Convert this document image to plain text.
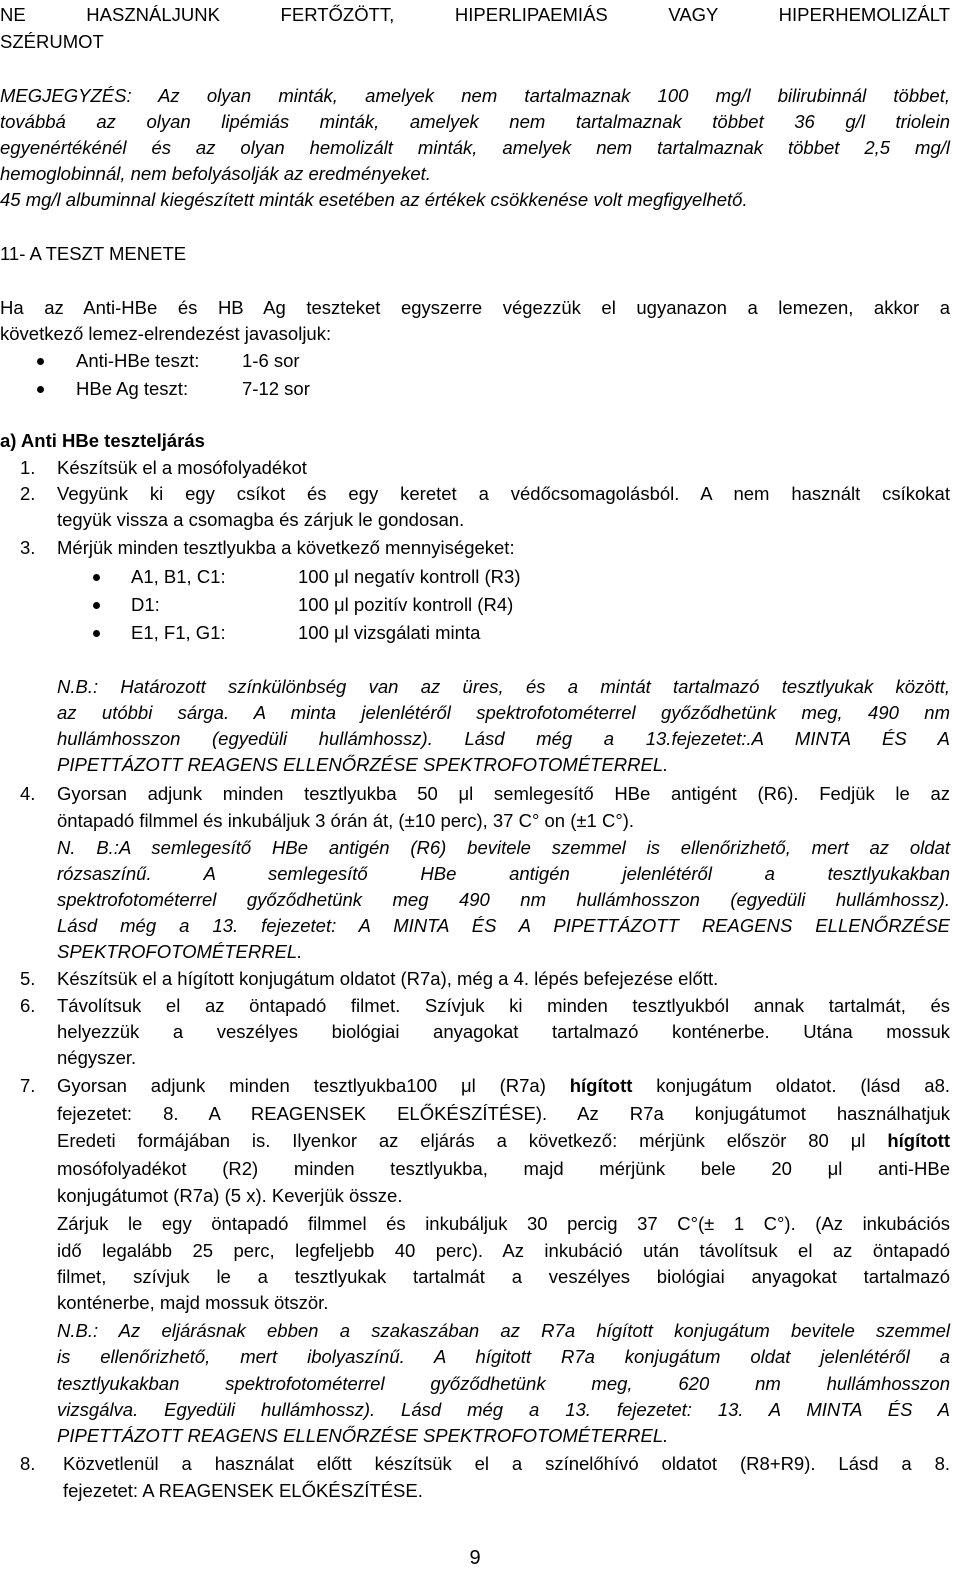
NE HASZNÁLJUNK FERTŐZÖTT, HIPERLIPAEMIÁS VAGY HIPERHEMOLIZÁLT
SZÉRUMOT
MEGJEGYZÉS: Az olyan minták, amelyek nem tartalmaznak 100 mg/l bilirubinnál többet,
továbbá az olyan lipémiás minták, amelyek nem tartalmaznak többet 36 g/l triolein
egyenértékénél és az olyan hemolizált minták, amelyek nem tartalmaznak többet 2,5 mg/l
hemoglobinnál, nem befolyásolják az eredményeket.
45 mg/l albuminnal kiegészített minták esetében az értékek csökkenése volt megfigyelhető.
11- A TESZT MENETE
Ha az Anti-HBe és HB Ag teszteket egyszerre végezzük el ugyanazon a lemezen, akkor a
következő lemez-elrendezést javasoljuk:
Anti-HBe teszt: 1-6 sor
HBe Ag teszt:	7-12 sor
a) Anti HBe teszteljárás
1. Készítsük el a mosófolyadékot
2. Vegyünk ki egy csíkot és egy keretet a védőcsomagolásból. A nem használt csíkokat
tegyük vissza a csomagba és zárjuk le gondosan.
3. Mérjük minden tesztlyukba a következő mennyiségeket:
A1, B1, C1:	100 μl negatív kontroll (R3)
D1:	100 μl pozitív kontroll (R4)
E1, F1, G1:	100 μl vizsgálati minta
N.B.: Határozott színkülönbség van az üres, és a mintát tartalmazó tesztlyukak között,
az utóbbi sárga. A minta jelenlétéről spektrofotométerrel győződhetünk meg, 490 nm
hullámhosszon (egyedüli hullámhossz). Lásd még a 13.fejezetet:.A MINTA ÉS A
PIPETTÁZOTT REAGENS ELLENŐRZÉSE SPEKTROFOTOMÉTERREL.
4. Gyorsan adjunk minden tesztlyukba 50 μl semlegesítő HBe antigént (R6). Fedjük le az
öntapadó filmmel és inkubáljuk 3 órán át, (±10 perc), 37 C° on (±1 C°).
N. B.:A semlegesítő HBe antigén (R6) bevitele szemmel is ellenőrizhető, mert az oldat
rózsaszínű. A semlegesítő HBe antigén jelenlétéről a tesztlyukakban
spektrofotométerrel győződhetünk meg 490 nm hullámhosszon (egyedüli hullámhossz).
Lásd még a 13. fejezetet: A MINTA ÉS A PIPETTÁZOTT REAGENS ELLENŐRZÉSE
SPEKTROFOTOMÉTERREL.
5. Készítsük el a hígított konjugátum oldatot (R7a), még a 4. lépés befejezése előtt.
6. Távolítsuk el az öntapadó filmet. Szívjuk ki minden tesztlyukból annak tartalmát, és
helyezzük a veszélyes biológiai anyagokat tartalmazó konténerbe. Utána mossuk
négyszer.
7. Gyorsan adjunk minden tesztlyukba100 μl (R7a) hígított konjugátum oldatot. (lásd a8.
fejezetet: 8. A REAGENSEK ELŐKÉSZÍTÉSE). Az R7a konjugátumot használhatjuk
Eredeti formájában is. Ilyenkor az eljárás a következő: mérjünk először 80 μl hígított
mosófolyadékot (R2) minden tesztlyukba, majd mérjünk bele 20 μl anti-HBe
konjugátumot (R7a) (5 x). Keverjük össze.
Zárjuk le egy öntapadó filmmel és inkubáljuk 30 percig 37 C°(± 1 C°). (Az inkubációs
idő legalább 25 perc, legfeljebb 40 perc). Az inkubáció után távolítsuk el az öntapadó
filmet, szívjuk le a tesztlyukak tartalmát a veszélyes biológiai anyagokat tartalmazó
konténerbe, majd mossuk ötször.
N.B.: Az eljárásnak ebben a szakaszában az R7a hígított konjugátum bevitele szemmel
is ellenőrizhető, mert ibolyaszínű. A hígitott R7a konjugátum oldat jelenlétéről a
tesztlyukakban spektrofotométerrel győződhetünk meg, 620 nm hullámhosszon
vizsgálva. Egyedüli hullámhossz). Lásd még a 13. fejezetet: 13. A MINTA ÉS A
PIPETTÁZOTT REAGENS ELLENŐRZÉSE SPEKTROFOTOMÉTERREL.
8. Közvetlenül a használat előtt készítsük el a színelőhívó oldatot (R8+R9). Lásd a 8.
fejezetet: A REAGENSEK ELŐKÉSZÍTÉSE.
9
